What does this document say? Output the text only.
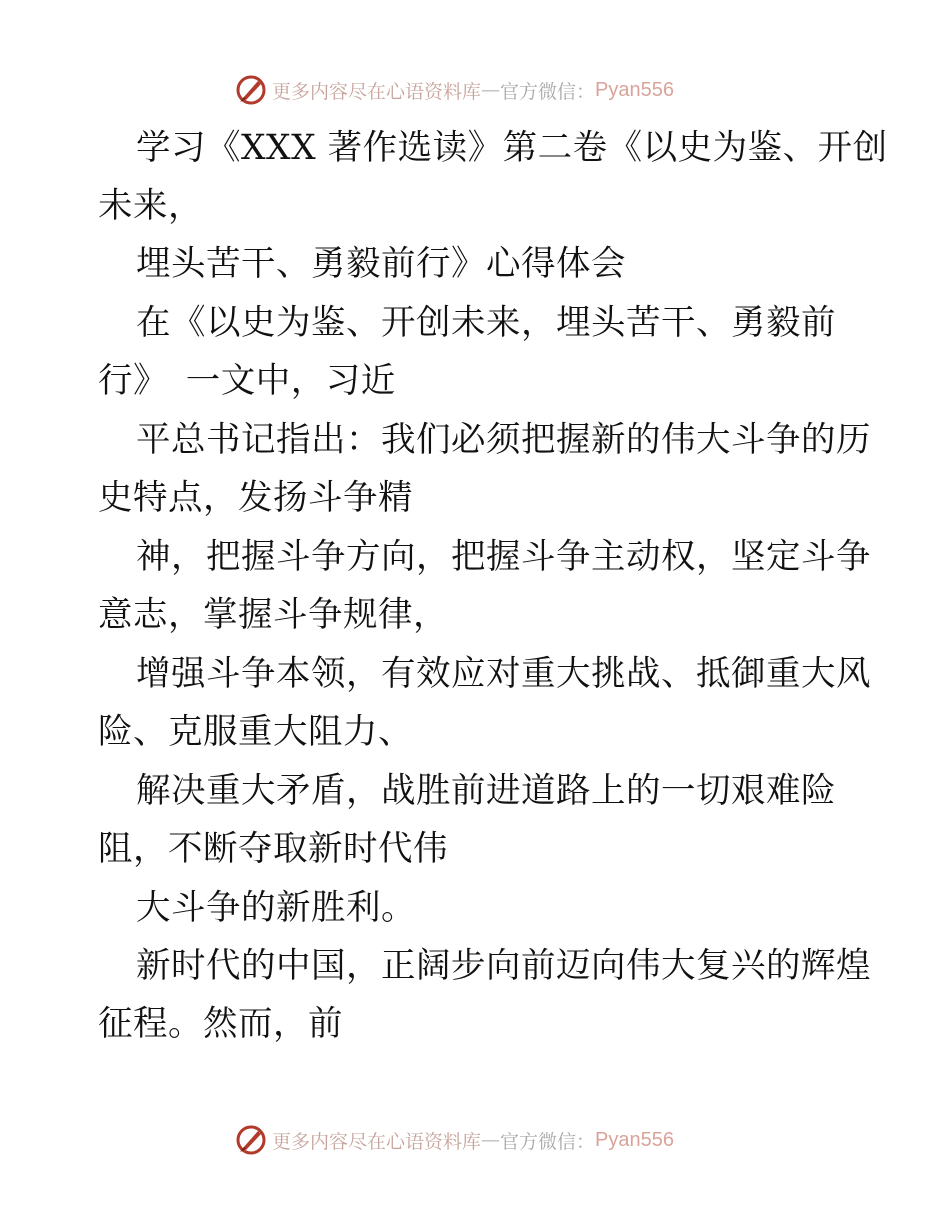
更多内容尽在心语资料库 — 官方微信： Pyan556
学习《XXX 著作选读》第二卷《以史为鉴、开创
未来，
埋头苦干、勇毅前行》心得体会
在《以史为鉴、开创未来，埋头苦干、勇毅前
行》　一文中，习近
平总书记指出：我们必须把握新的伟大斗争的历
史特点，发扬斗争精
神，把握斗争方向，把握斗争主动权，坚定斗争
意志，掌握斗争规律，
增强斗争本领，有效应对重大挑战、抵御重大风
险、克服重大阻力、
解决重大矛盾，战胜前进道路上的一切艰难险
阻，不断夺取新时代伟
大斗争的新胜利。
新时代的中国，正阔步向前迈向伟大复兴的辉煌
征程。然而，前
更多内容尽在心语资料库 — 官方微信： Pyan556
